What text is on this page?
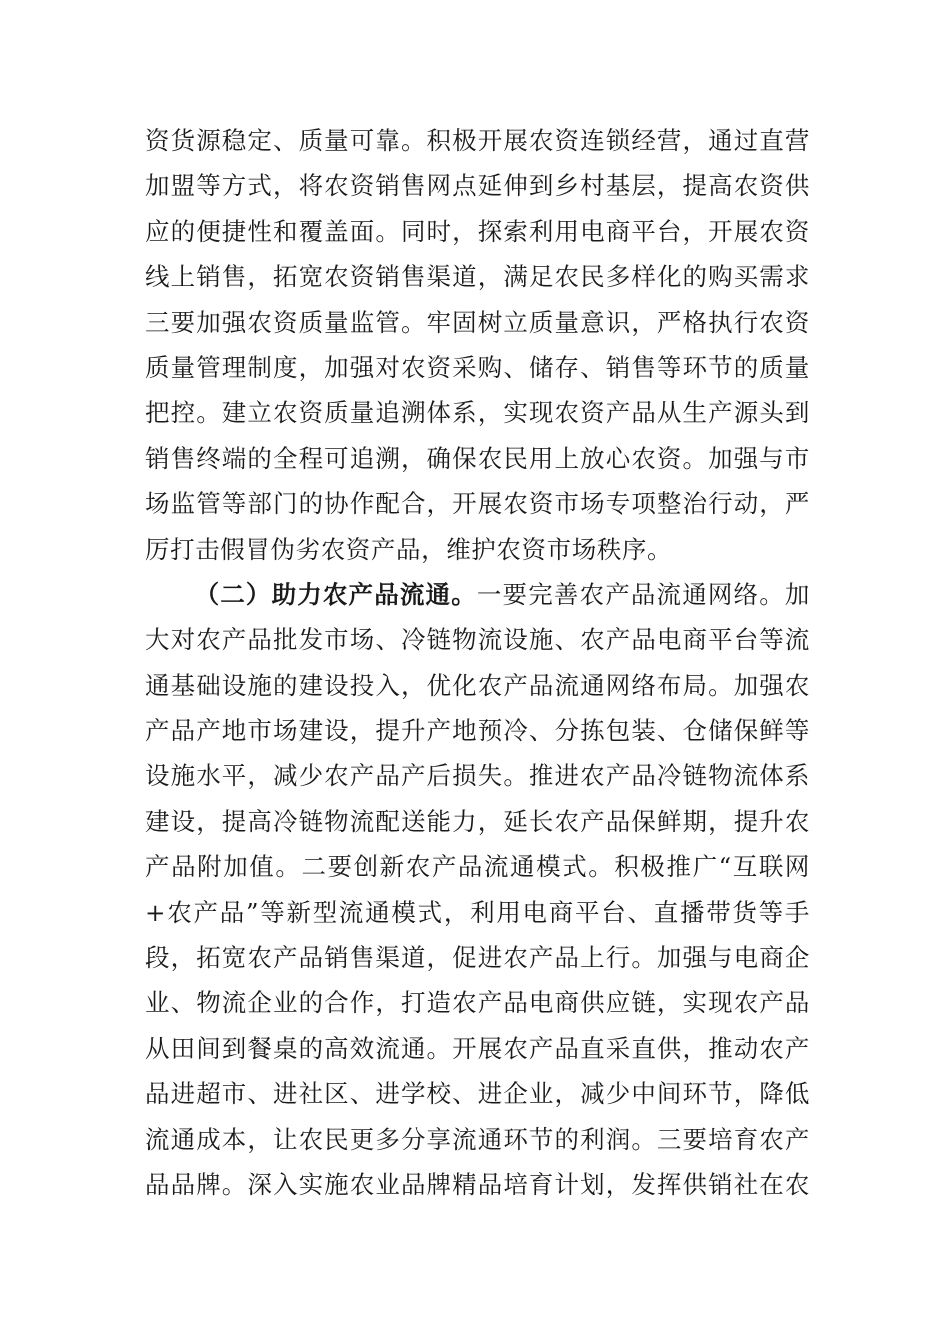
资货源稳定、质量可靠。积极开展农资连锁经营，通过直营
加盟等方式，将农资销售网点延伸到乡村基层，提高农资供
应的便捷性和覆盖面。同时，探索利用电商平台，开展农资
线上销售，拓宽农资销售渠道，满足农民多样化的购买需求
三要加强农资质量监管。牢固树立质量意识，严格执行农资
质量管理制度，加强对农资采购、储存、销售等环节的质量
把控。建立农资质量追溯体系，实现农资产品从生产源头到
销售终端的全程可追溯，确保农民用上放心农资。加强与市
场监管等部门的协作配合，开展农资市场专项整治行动，严
厉打击假冒伪劣农资产品，维护农资市场秩序。
（二）助力农产品流通。一要完善农产品流通网络。加
大对农产品批发市场、冷链物流设施、农产品电商平台等流
通基础设施的建设投入，优化农产品流通网络布局。加强农
产品产地市场建设，提升产地预冷、分拣包装、仓储保鲜等
设施水平，减少农产品产后损失。推进农产品冷链物流体系
建设，提高冷链物流配送能力，延长农产品保鲜期，提升农
产品附加值。二要创新农产品流通模式。积极推广“互联网
+农产品”等新型流通模式，利用电商平台、直播带货等手
段，拓宽农产品销售渠道，促进农产品上行。加强与电商企
业、物流企业的合作，打造农产品电商供应链，实现农产品
从田间到餐桌的高效流通。开展农产品直采直供，推动农产
品进超市、进社区、进学校、进企业，减少中间环节，降低
流通成本，让农民更多分享流通环节的利润。三要培育农产
品品牌。深入实施农业品牌精品培育计划，发挥供销社在农
